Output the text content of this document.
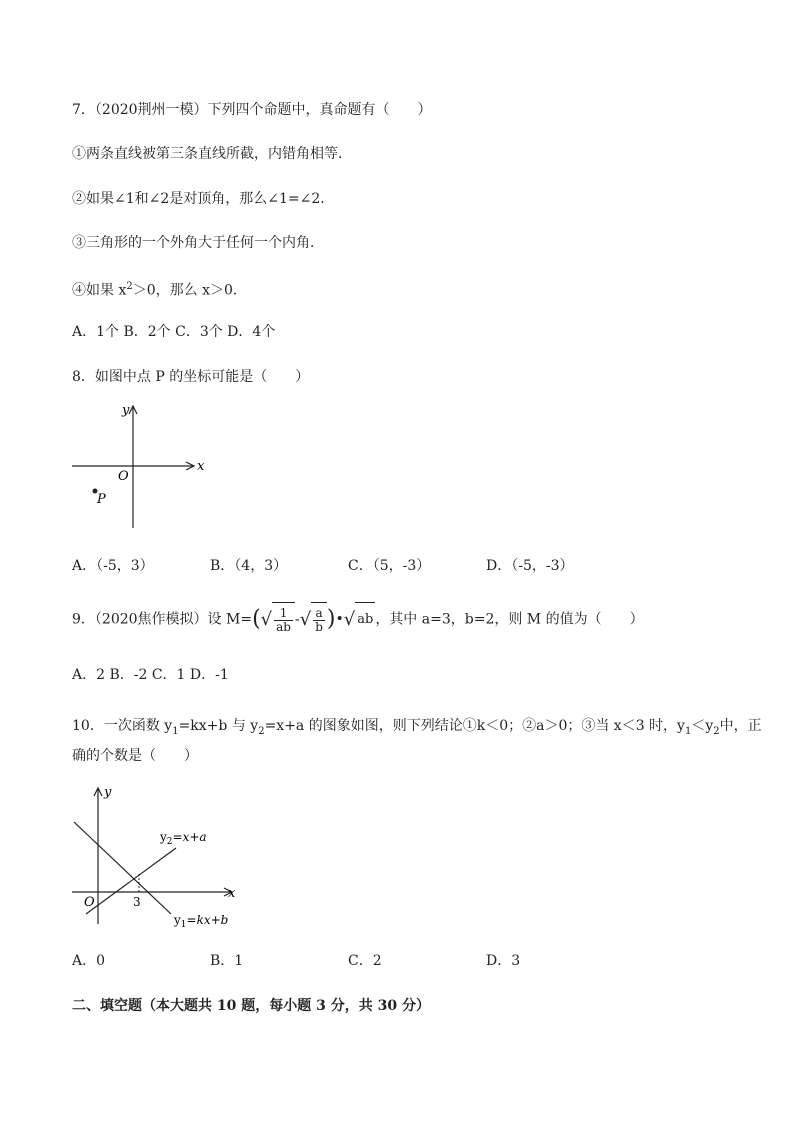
7．（2020荆州一模）下列四个命题中，真命题有（　　）
①两条直线被第三条直线所截，内错角相等．
②如果∠1和∠2是对顶角，那么∠1=∠2．
③三角形的一个外角大于任何一个内角．
④如果 $x^2>0$，那么 x＞0．
A．1个 B．2个 C．3个 D．4个
8．如图中点 P 的坐标可能是（　　）
y
x
O
P
A．（-5，3）	B．（4，3）	C．（5，-3）	D．（-5，-3）
9．（2020焦作模拟）设 $M=(√ \frac{1}{ab}$ -√ $\frac{a}{b}$ )•√ ab ，其中 a=3，b=2，则 M 的值为（　　）
A．2 B．-2 C．1 D．-1
10．一次函数 $y_1=kx+b$ 与 $y_2=x+a$ 的图象如图，则下列结论①k＜0；②a＞0；③当 x＜3 时，$y_1<y_2$中，正
确的个数是（　　）
y
x
O	3
$y_2=x+a$
$y_1=kx+b$
A．0	B．1	C．2	D．3
二、填空题（本大题共 10 题，每小题 3 分，共 30 分）
